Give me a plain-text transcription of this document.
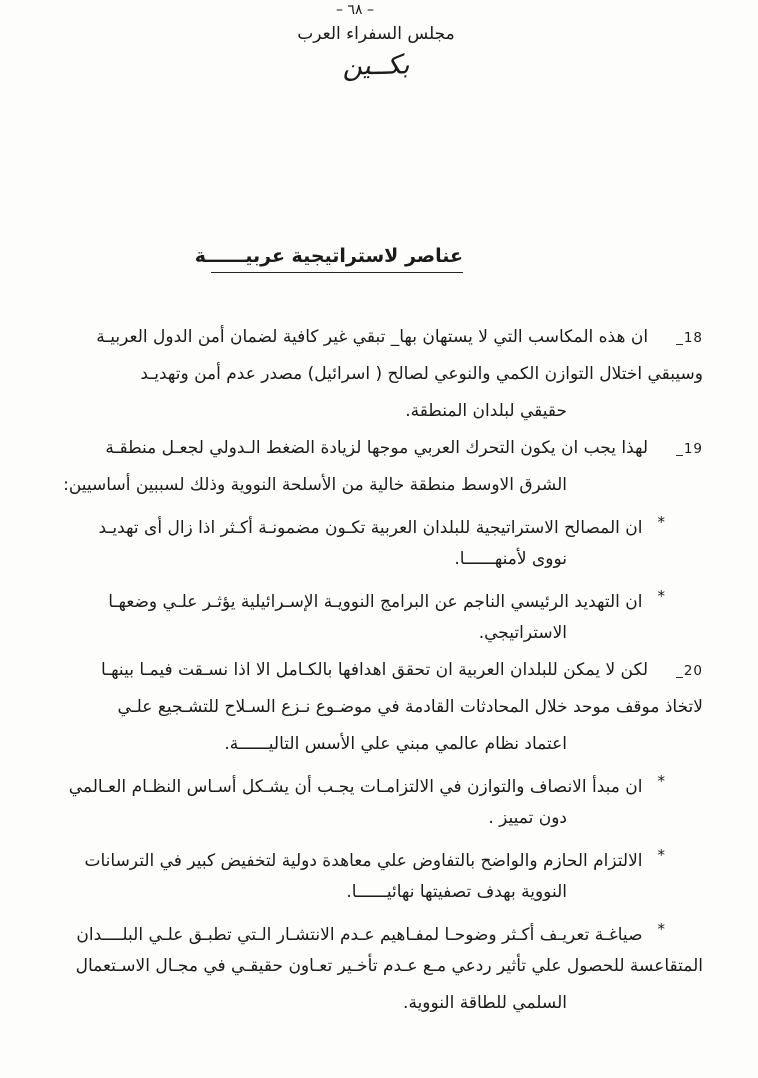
– ٦٨ –
مجلس السفراء العرب
بكــين
عناصر لاستراتيجية عربيــــــة
18_ان هذه المكاسب التي لا يستهان بها_ تبقي غير كافية لضمان أمن الدول العربيـة
وسيبقي اختلال التوازن الكمي والنوعي لصالح ( اسرائيل) مصدر عدم أمن وتهديـد
حقيقي لبلدان المنطقة.
19_لهذا يجب ان يكون التحرك العربي موجها لزيادة الضغط الـدولي لجعـل منطقـة
الشرق الاوسط منطقة خالية من الأسلحة النووية وذلك لسببين أساسيين:
*ان المصالح الاستراتيجية للبلدان العربية تكـون مضمونـة أكـثر اذا زال أى تهديـد
نووى لأمنهــــــا.
*ان التهديد الرئيسي الناجم عن البرامج النوويـة الإسـرائيلية يؤثـر علـي وضعهـا
الاستراتيجي.
20_لكن لا يمكن للبلدان العربية ان تحقق اهدافها بالكـامل الا اذا نسـقت فيمـا بينهـا
لاتخاذ موقف موحد خلال المحادثات القادمة في موضـوع نـزع السـلاح للتشـجيع علـي
اعتماد نظام عالمي مبني علي الأسس التاليــــــة.
*ان مبدأ الانصاف والتوازن في الالتزامـات يجـب أن يشـكل أسـاس النظـام العـالمي
دون تمييز .
*الالتزام الحازم والواضح بالتفاوض علي معاهدة دولية لتخفيض كبير في الترسانات
النووية بهدف تصفيتها نهائيــــــا.
*صياغـة تعريـف أكـثر وضوحـا لمفـاهيم عـدم الانتشـار الـتي تطبـق علـي البلــــدان
المتقاعسة للحصول علي تأثير ردعي مـع عـدم تأخـير تعـاون حقيقـي في مجـال الاسـتعمال
السلمي للطاقة النووية.
